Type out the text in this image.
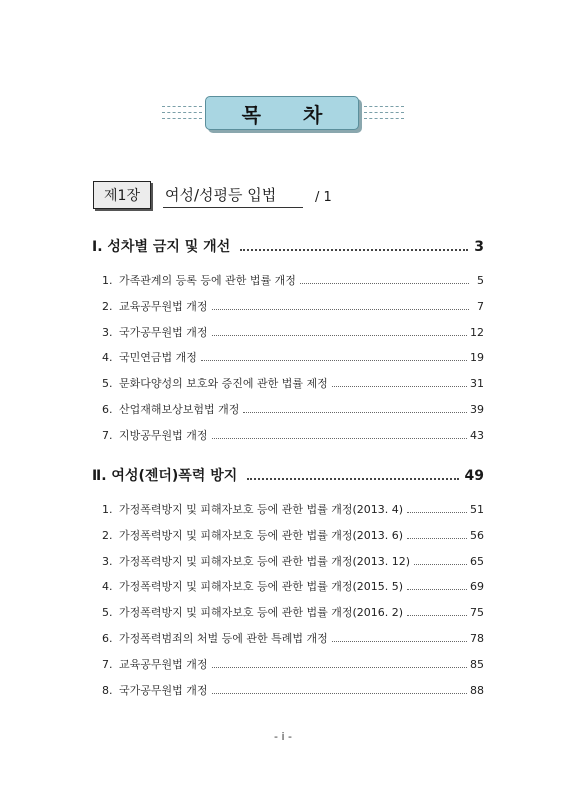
목차
제1장	여성/성평등 입법	/ 1
Ⅰ. 성차별 금지 및 개선	3
1. 가족관계의 등록 등에 관한 법률 개정	5
2. 교육공무원법 개정	7
3. 국가공무원법 개정	12
4. 국민연금법 개정	19
5. 문화다양성의 보호와 증진에 관한 법률 제정	31
6. 산업재해보상보험법 개정	39
7. 지방공무원법 개정	43
Ⅱ. 여성(젠더)폭력 방지	49
1. 가정폭력방지 및 피해자보호 등에 관한 법률 개정(2013. 4)	51
2. 가정폭력방지 및 피해자보호 등에 관한 법률 개정(2013. 6)	56
3. 가정폭력방지 및 피해자보호 등에 관한 법률 개정(2013. 12)	65
4. 가정폭력방지 및 피해자보호 등에 관한 법률 개정(2015. 5)	69
5. 가정폭력방지 및 피해자보호 등에 관한 법률 개정(2016. 2)	75
6. 가정폭력범죄의 처벌 등에 관한 특례법 개정	78
7. 교육공무원법 개정	85
8. 국가공무원법 개정	88
- i -
